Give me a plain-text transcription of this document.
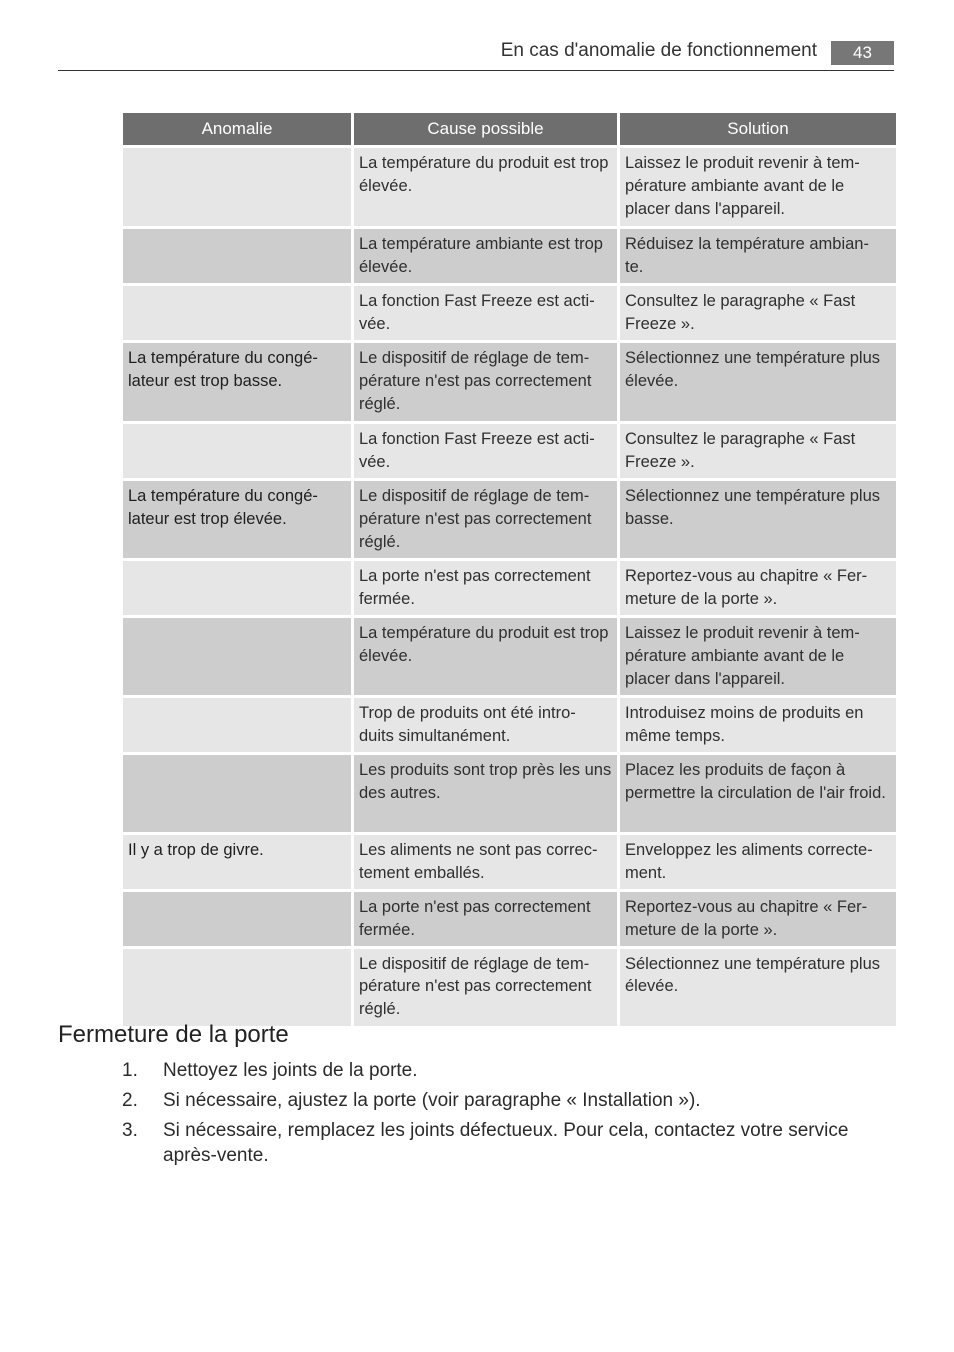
En cas d'anomalie de fonctionnement	43
Anomalie	Cause possible	Solution
	La température du produit est trop élevée.	Laissez le produit revenir à tem- pérature ambiante avant de le placer dans l'appareil.
	La température ambiante est trop élevée.	Réduisez la température ambian- te.
	La fonction Fast Freeze est acti- vée.	Consultez le paragraphe « Fast Freeze ».
La température du congé- lateur est trop basse.	Le dispositif de réglage de tem- pérature n'est pas correctement réglé.	Sélectionnez une température plus élevée.
	La fonction Fast Freeze est acti- vée.	Consultez le paragraphe « Fast Freeze ».
La température du congé- lateur est trop élevée.	Le dispositif de réglage de tem- pérature n'est pas correctement réglé.	Sélectionnez une température plus basse.
	La porte n'est pas correctement fermée.	Reportez-vous au chapitre « Fer- meture de la porte ».
	La température du produit est trop élevée.	Laissez le produit revenir à tem- pérature ambiante avant de le placer dans l'appareil.
	Trop de produits ont été intro- duits simultanément.	Introduisez moins de produits en même temps.
	Les produits sont trop près les uns des autres.	Placez les produits de façon à permettre la circulation de l'air froid.
Il y a trop de givre.	Les aliments ne sont pas correc- tement emballés.	Enveloppez les aliments correcte- ment.
	La porte n'est pas correctement fermée.	Reportez-vous au chapitre « Fer- meture de la porte ».
	Le dispositif de réglage de tem- pérature n'est pas correctement réglé.	Sélectionnez une température plus élevée.
Fermeture de la porte
1. Nettoyez les joints de la porte.
2. Si nécessaire, ajustez la porte (voir paragraphe « Installation »).
3. Si nécessaire, remplacez les joints défectueux. Pour cela, contactez votre service après-vente.
